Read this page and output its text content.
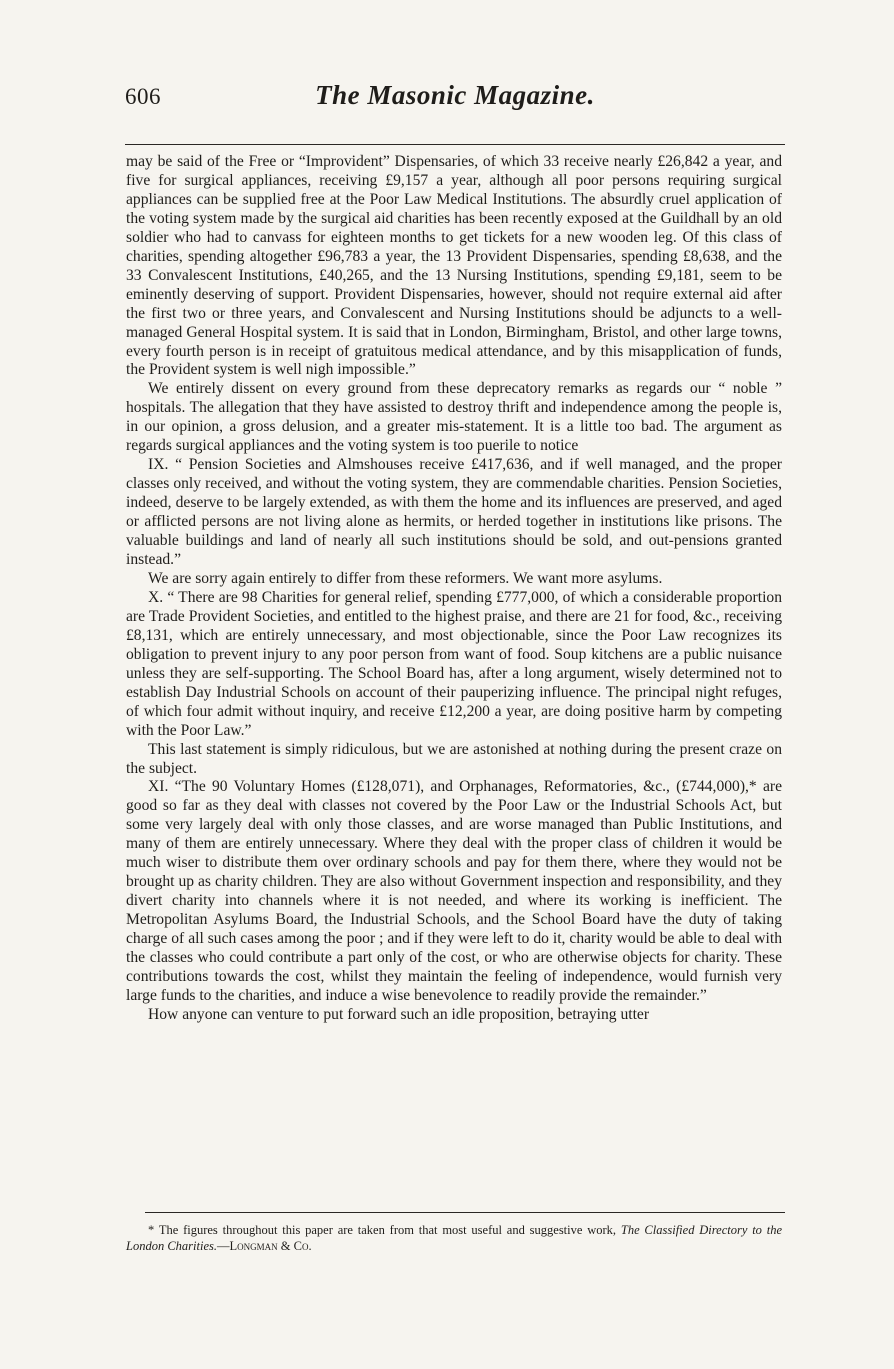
606	The Masonic Magazine.

may be said of the Free or “Improvident” Dispensaries, of which 33 receive nearly £26,842 a year, and five for surgical appliances, receiving £9,157 a year, although all poor persons requiring surgical appliances can be supplied free at the Poor Law Medical Institutions. The absurdly cruel application of the voting system made by the surgical aid charities has been recently exposed at the Guildhall by an old soldier who had to canvass for eighteen months to get tickets for a new wooden leg. Of this class of charities, spending altogether £96,783 a year, the 13 Provident Dispensaries, spending £8,638, and the 33 Convalescent Institutions, £40,265, and the 13 Nursing Institutions, spending £9,181, seem to be eminently deserving of support. Provident Dispensaries, however, should not require external aid after the first two or three years, and Convalescent and Nursing Institutions should be adjuncts to a well-managed General Hospital system. It is said that in London, Birmingham, Bristol, and other large towns, every fourth person is in receipt of gratuitous medical attendance, and by this misapplication of funds, the Provident system is well nigh impossible.”

We entirely dissent on every ground from these deprecatory remarks as regards our “ noble ” hospitals. The allegation that they have assisted to destroy thrift and independence among the people is, in our opinion, a gross delusion, and a greater mis-statement. It is a little too bad. The argument as regards surgical appliances and the voting system is too puerile to notice

IX. “ Pension Societies and Almshouses receive £417,636, and if well managed, and the proper classes only received, and without the voting system, they are commendable charities. Pension Societies, indeed, deserve to be largely extended, as with them the home and its influences are preserved, and aged or afflicted persons are not living alone as hermits, or herded together in institutions like prisons. The valuable buildings and land of nearly all such institutions should be sold, and out-pensions granted instead.”

We are sorry again entirely to differ from these reformers. We want more asylums.

X. “ There are 98 Charities for general relief, spending £777,000, of which a considerable proportion are Trade Provident Societies, and entitled to the highest praise, and there are 21 for food, &c., receiving £8,131, which are entirely unnecessary, and most objectionable, since the Poor Law recognizes its obligation to prevent injury to any poor person from want of food. Soup kitchens are a public nuisance unless they are self-supporting. The School Board has, after a long argument, wisely determined not to establish Day Industrial Schools on account of their pauperizing influence. The principal night refuges, of which four admit without inquiry, and receive £12,200 a year, are doing positive harm by competing with the Poor Law.”

This last statement is simply ridiculous, but we are astonished at nothing during the present craze on the subject.

XI. “The 90 Voluntary Homes (£128,071), and Orphanages, Reformatories, &c., (£744,000),* are good so far as they deal with classes not covered by the Poor Law or the Industrial Schools Act, but some very largely deal with only those classes, and are worse managed than Public Institutions, and many of them are entirely unnecessary. Where they deal with the proper class of children it would be much wiser to distribute them over ordinary schools and pay for them there, where they would not be brought up as charity children. They are also without Government inspection and responsibility, and they divert charity into channels where it is not needed, and where its working is inefficient. The Metropolitan Asylums Board, the Industrial Schools, and the School Board have the duty of taking charge of all such cases among the poor ; and if they were left to do it, charity would be able to deal with the classes who could contribute a part only of the cost, or who are otherwise objects for charity. These contributions towards the cost, whilst they maintain the feeling of independence, would furnish very large funds to the charities, and induce a wise benevolence to readily provide the remainder.”

How anyone can venture to put forward such an idle proposition, betraying utter

* The figures throughout this paper are taken from that most useful and suggestive work, The Classified Directory to the London Charities.—Longman & Co.
